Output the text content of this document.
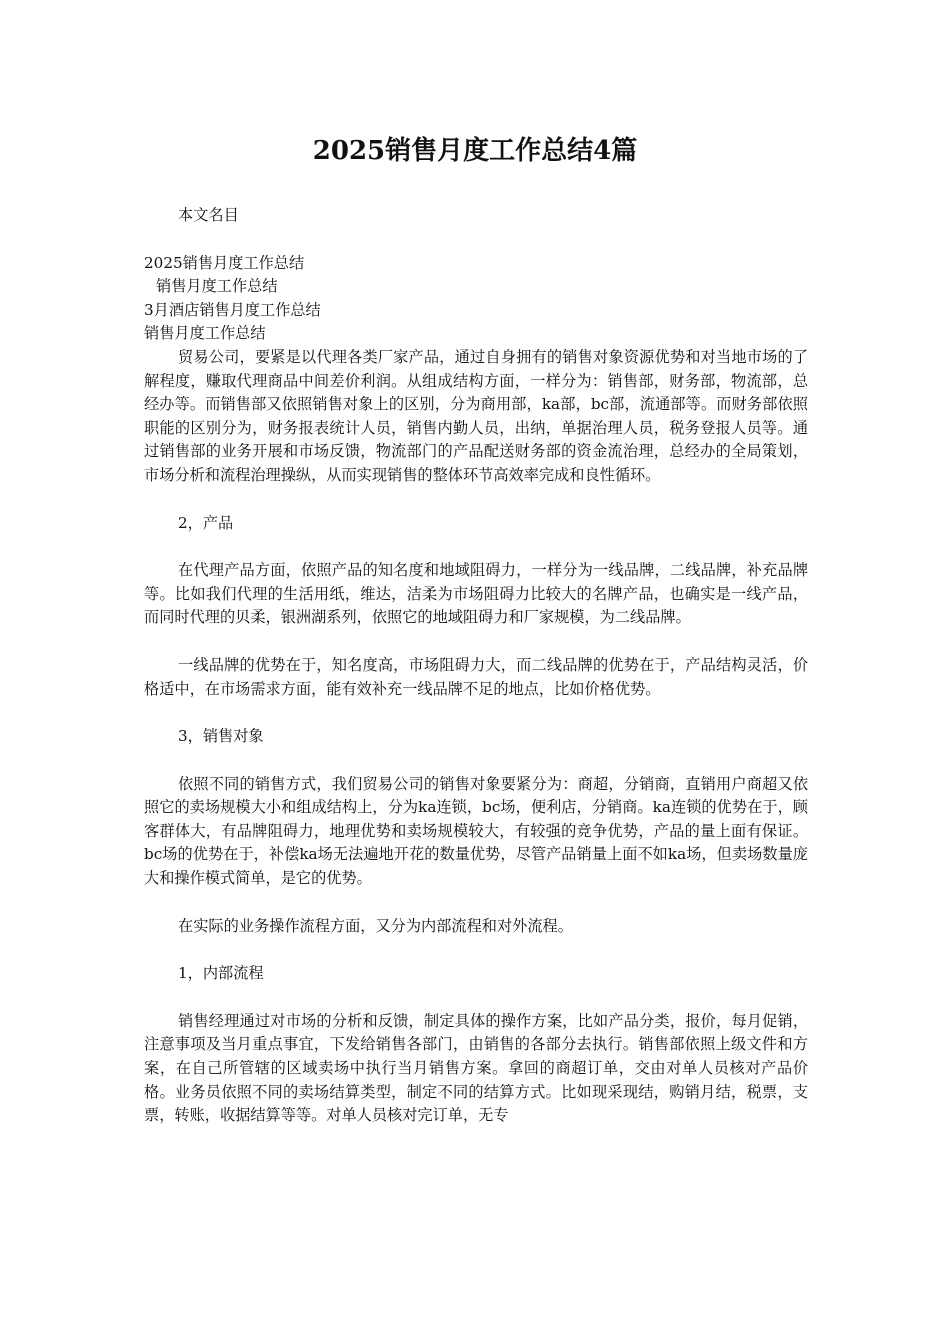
2025销售月度工作总结4篇

本文名目

2025销售月度工作总结

销售月度工作总结

3月酒店销售月度工作总结

销售月度工作总结

贸易公司，要紧是以代理各类厂家产品，通过自身拥有的销售对象资源优势和对当地市场的了解程度，赚取代理商品中间差价利润。从组成结构方面，一样分为：销售部，财务部，物流部，总经办等。而销售部又依照销售对象上的区别，分为商用部，ka部，bc部，流通部等。而财务部依照职能的区别分为，财务报表统计人员，销售内勤人员，出纳，单据治理人员，税务登报人员等。通过销售部的业务开展和市场反馈，物流部门的产品配送财务部的资金流治理，总经办的全局策划，市场分析和流程治理操纵，从而实现销售的整体环节高效率完成和良性循环。

2，产品

在代理产品方面，依照产品的知名度和地域阻碍力，一样分为一线品牌，二线品牌，补充品牌等。比如我们代理的生活用纸，维达，洁柔为市场阻碍力比较大的名牌产品，也确实是一线产品，而同时代理的贝柔，银洲湖系列，依照它的地域阻碍力和厂家规模，为二线品牌。

一线品牌的优势在于，知名度高，市场阻碍力大，而二线品牌的优势在于，产品结构灵活，价格适中，在市场需求方面，能有效补充一线品牌不足的地点，比如价格优势。

3，销售对象

依照不同的销售方式，我们贸易公司的销售对象要紧分为：商超，分销商，直销用户商超又依照它的卖场规模大小和组成结构上，分为ka连锁，bc场，便利店，分销商。ka连锁的优势在于，顾客群体大，有品牌阻碍力，地理优势和卖场规模较大，有较强的竞争优势，产品的量上面有保证。bc场的优势在于，补偿ka场无法遍地开花的数量优势，尽管产品销量上面不如ka场，但卖场数量庞大和操作模式简单，是它的优势。

在实际的业务操作流程方面，又分为内部流程和对外流程。

1，内部流程

销售经理通过对市场的分析和反馈，制定具体的操作方案，比如产品分类，报价，每月促销，注意事项及当月重点事宜，下发给销售各部门，由销售的各部分去执行。销售部依照上级文件和方案，在自己所管辖的区域卖场中执行当月销售方案。拿回的商超订单，交由对单人员核对产品价格。业务员依照不同的卖场结算类型，制定不同的结算方式。比如现采现结，购销月结，税票，支票，转账，收据结算等等。对单人员核对完订单，无专
